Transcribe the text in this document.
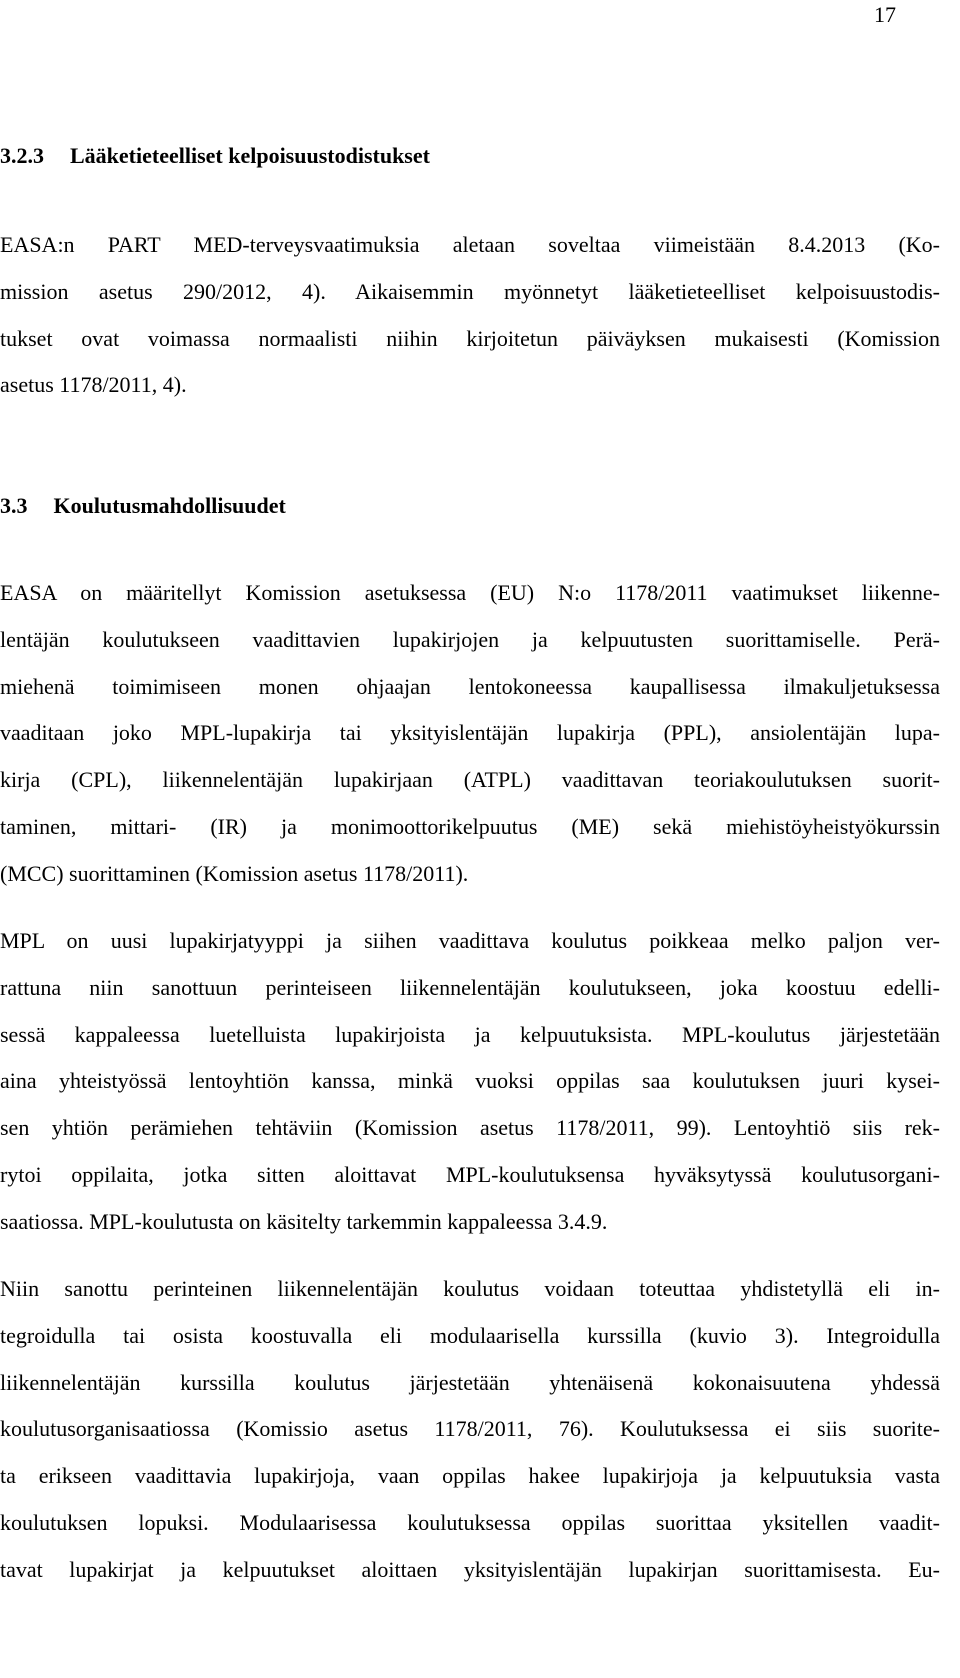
17
3.2.3 Lääketieteelliset kelpoisuustodistukset
EASA:n PART MED-terveysvaatimuksia aletaan soveltaa viimeistään 8.4.2013 (Ko-
mission asetus 290/2012, 4). Aikaisemmin myönnetyt lääketieteelliset kelpoisuustodis-
tukset ovat voimassa normaalisti niihin kirjoitetun päiväyksen mukaisesti (Komission
asetus 1178/2011, 4).
3.3 Koulutusmahdollisuudet
EASA on määritellyt Komission asetuksessa (EU) N:o 1178/2011 vaatimukset liikenne-
lentäjän koulutukseen vaadittavien lupakirjojen ja kelpuutusten suorittamiselle. Perä-
miehenä toimimiseen monen ohjaajan lentokoneessa kaupallisessa ilmakuljetuksessa
vaaditaan joko MPL-lupakirja tai yksityislentäjän lupakirja (PPL), ansiolentäjän lupa-
kirja (CPL), liikennelentäjän lupakirjaan (ATPL) vaadittavan teoriakoulutuksen suorit-
taminen, mittari- (IR) ja monimoottorikelpuutus (ME) sekä miehistöyheistyökurssin
(MCC) suorittaminen (Komission asetus 1178/2011).
MPL on uusi lupakirjatyyppi ja siihen vaadittava koulutus poikkeaa melko paljon ver-
rattuna niin sanottuun perinteiseen liikennelentäjän koulutukseen, joka koostuu edelli-
sessä kappaleessa luetelluista lupakirjoista ja kelpuutuksista. MPL-koulutus järjestetään
aina yhteistyössä lentoyhtiön kanssa, minkä vuoksi oppilas saa koulutuksen juuri kysei-
sen yhtiön perämiehen tehtäviin (Komission asetus 1178/2011, 99). Lentoyhtiö siis rek-
rytoi oppilaita, jotka sitten aloittavat MPL-koulutuksensa hyväksytyssä koulutusorgani-
saatiossa. MPL-koulutusta on käsitelty tarkemmin kappaleessa 3.4.9.
Niin sanottu perinteinen liikennelentäjän koulutus voidaan toteuttaa yhdistetyllä eli in-
tegroidulla tai osista koostuvalla eli modulaarisella kurssilla (kuvio 3). Integroidulla
liikennelentäjän kurssilla koulutus järjestetään yhtenäisenä kokonaisuutena yhdessä
koulutusorganisaatiossa (Komissio asetus 1178/2011, 76). Koulutuksessa ei siis suorite-
ta erikseen vaadittavia lupakirjoja, vaan oppilas hakee lupakirjoja ja kelpuutuksia vasta
koulutuksen lopuksi. Modulaarisessa koulutuksessa oppilas suorittaa yksitellen vaadit-
tavat lupakirjat ja kelpuutukset aloittaen yksityislentäjän lupakirjan suorittamisesta. Eu-
